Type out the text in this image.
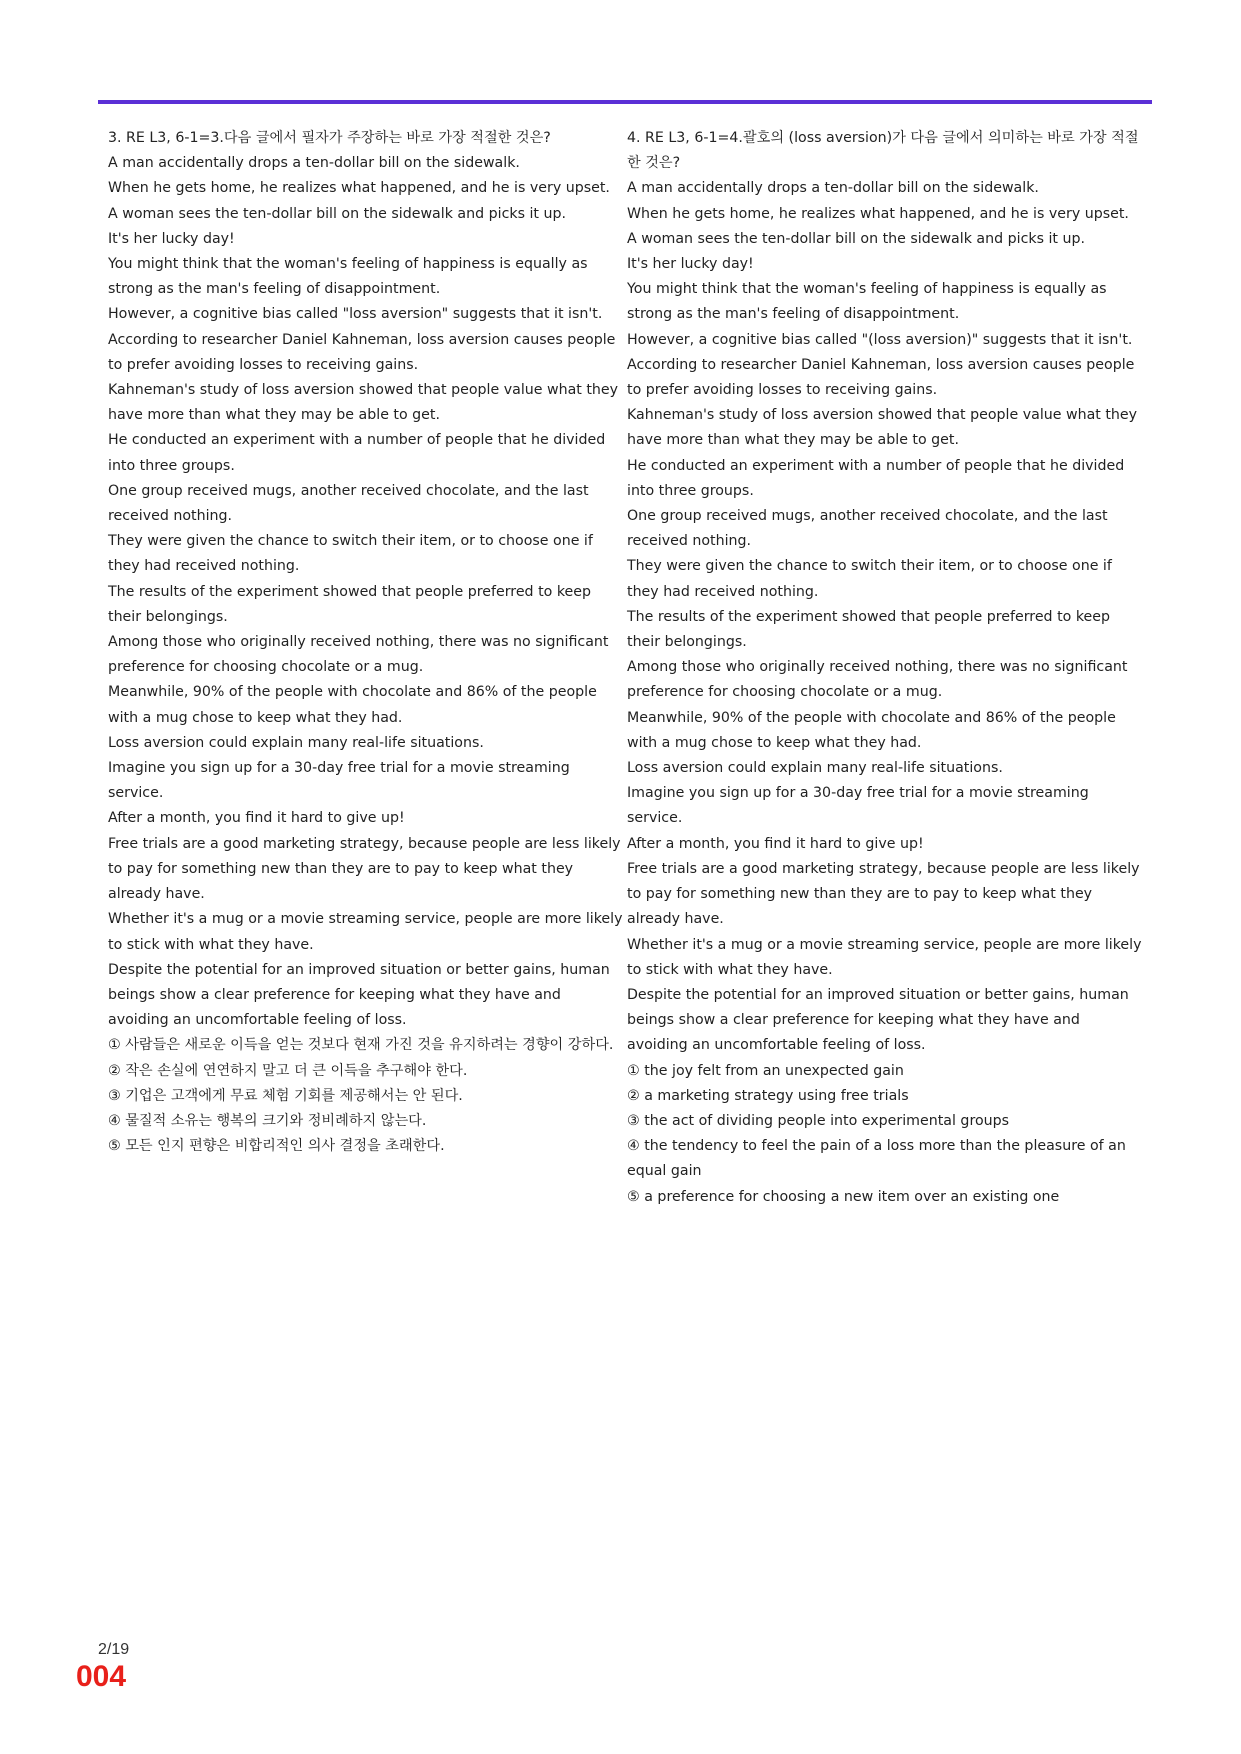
3. RE L3, 6-1=3.다음 글에서 필자가 주장하는 바로 가장 적절한 것은?

A man accidentally drops a ten-dollar bill on the sidewalk.

When he gets home, he realizes what happened, and he is very upset.

A woman sees the ten-dollar bill on the sidewalk and picks it up.

It's her lucky day!

You might think that the woman's feeling of happiness is equally as strong as the man's feeling of disappointment.

However, a cognitive bias called "loss aversion" suggests that it isn't.

According to researcher Daniel Kahneman, loss aversion causes people to prefer avoiding losses to receiving gains.

Kahneman's study of loss aversion showed that people value what they have more than what they may be able to get.

He conducted an experiment with a number of people that he divided into three groups.

One group received mugs, another received chocolate, and the last received nothing.

They were given the chance to switch their item, or to choose one if they had received nothing.

The results of the experiment showed that people preferred to keep their belongings.

Among those who originally received nothing, there was no significant preference for choosing chocolate or a mug.

Meanwhile, 90% of the people with chocolate and 86% of the people with a mug chose to keep what they had.

Loss aversion could explain many real-life situations.

Imagine you sign up for a 30-day free trial for a movie streaming service.

After a month, you find it hard to give up!

Free trials are a good marketing strategy, because people are less likely to pay for something new than they are to pay to keep what they already have.

Whether it's a mug or a movie streaming service, people are more likely to stick with what they have.

Despite the potential for an improved situation or better gains, human beings show a clear preference for keeping what they have and avoiding an uncomfortable feeling of loss.

① 사람들은 새로운 이득을 얻는 것보다 현재 가진 것을 유지하려는 경향이 강하다.

② 작은 손실에 연연하지 말고 더 큰 이득을 추구해야 한다.

③ 기업은 고객에게 무료 체험 기회를 제공해서는 안 된다.

④ 물질적 소유는 행복의 크기와 정비례하지 않는다.

⑤ 모든 인지 편향은 비합리적인 의사 결정을 초래한다.

4. RE L3, 6-1=4.괄호의 (loss aversion)가 다음 글에서 의미하는 바로 가장 적절한 것은?

A man accidentally drops a ten-dollar bill on the sidewalk.

When he gets home, he realizes what happened, and he is very upset.

A woman sees the ten-dollar bill on the sidewalk and picks it up.

It's her lucky day!

You might think that the woman's feeling of happiness is equally as strong as the man's feeling of disappointment.

However, a cognitive bias called "(loss aversion)" suggests that it isn't.

According to researcher Daniel Kahneman, loss aversion causes people to prefer avoiding losses to receiving gains.

Kahneman's study of loss aversion showed that people value what they have more than what they may be able to get.

He conducted an experiment with a number of people that he divided into three groups.

One group received mugs, another received chocolate, and the last received nothing.

They were given the chance to switch their item, or to choose one if they had received nothing.

The results of the experiment showed that people preferred to keep their belongings.

Among those who originally received nothing, there was no significant preference for choosing chocolate or a mug.

Meanwhile, 90% of the people with chocolate and 86% of the people with a mug chose to keep what they had.

Loss aversion could explain many real-life situations.

Imagine you sign up for a 30-day free trial for a movie streaming service.

After a month, you find it hard to give up!

Free trials are a good marketing strategy, because people are less likely to pay for something new than they are to pay to keep what they already have.

Whether it's a mug or a movie streaming service, people are more likely to stick with what they have.

Despite the potential for an improved situation or better gains, human beings show a clear preference for keeping what they have and avoiding an uncomfortable feeling of loss.

① the joy felt from an unexpected gain

② a marketing strategy using free trials

③ the act of dividing people into experimental groups

④ the tendency to feel the pain of a loss more than the pleasure of an equal gain

⑤ a preference for choosing a new item over an existing one

2/19
004
